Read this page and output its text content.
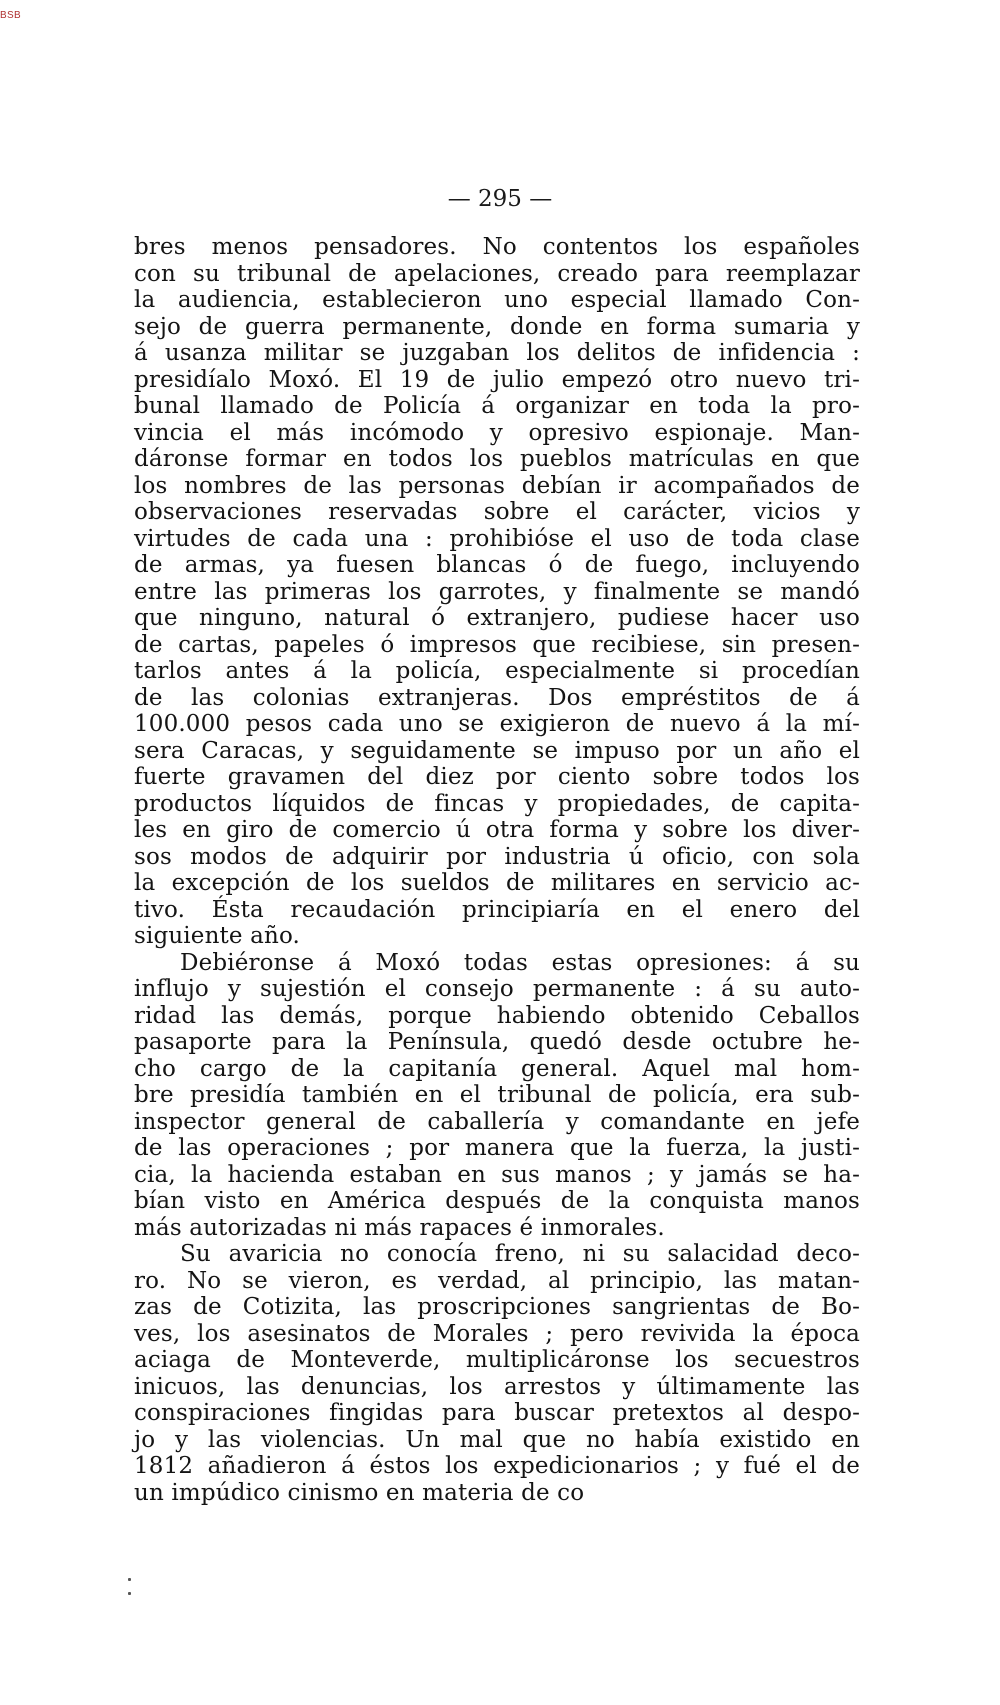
BSB
— 295 —
bres menos pensadores. No contentos los españoles
con su tribunal de apelaciones, creado para reemplazar
la audiencia, establecieron uno especial llamado Con-
sejo de guerra permanente, donde en forma sumaria y
á usanza militar se juzgaban los delitos de infidencia :
presidíalo Moxó. El 19 de julio empezó otro nuevo tri-
bunal llamado de Policía á organizar en toda la pro-
vincia el más incómodo y opresivo espionaje. Man-
dáronse formar en todos los pueblos matrículas en que
los nombres de las personas debían ir acompañados de
observaciones reservadas sobre el carácter, vicios y
virtudes de cada una : prohibióse el uso de toda clase
de armas, ya fuesen blancas ó de fuego, incluyendo
entre las primeras los garrotes, y finalmente se mandó
que ninguno, natural ó extranjero, pudiese hacer uso
de cartas, papeles ó impresos que recibiese, sin presen-
tarlos antes á la policía, especialmente si procedían
de las colonias extranjeras. Dos empréstitos de á
100.000 pesos cada uno se exigieron de nuevo á la mí-
sera Caracas, y seguidamente se impuso por un año el
fuerte gravamen del diez por ciento sobre todos los
productos líquidos de fincas y propiedades, de capita-
les en giro de comercio ú otra forma y sobre los diver-
sos modos de adquirir por industria ú oficio, con sola
la excepción de los sueldos de militares en servicio ac-
tivo. Ésta recaudación principiaría en el enero del
siguiente año.
Debiéronse á Moxó todas estas opresiones: á su
influjo y sujestión el consejo permanente : á su auto-
ridad las demás, porque habiendo obtenido Ceballos
pasaporte para la Península, quedó desde octubre he-
cho cargo de la capitanía general. Aquel mal hom-
bre presidía también en el tribunal de policía, era sub-
inspector general de caballería y comandante en jefe
de las operaciones ; por manera que la fuerza, la justi-
cia, la hacienda estaban en sus manos ; y jamás se ha-
bían visto en América después de la conquista manos
más autorizadas ni más rapaces é inmorales.
Su avaricia no conocía freno, ni su salacidad deco-
ro. No se vieron, es verdad, al principio, las matan-
zas de Cotizita, las proscripciones sangrientas de Bo-
ves, los asesinatos de Morales ; pero revivida la época
aciaga de Monteverde, multiplicáronse los secuestros
inicuos, las denuncias, los arrestos y últimamente las
conspiraciones fingidas para buscar pretextos al despo-
jo y las violencias. Un mal que no había existido en
1812 añadieron á éstos los expedicionarios ; y fué el de
un impúdico cinismo en materia de co
